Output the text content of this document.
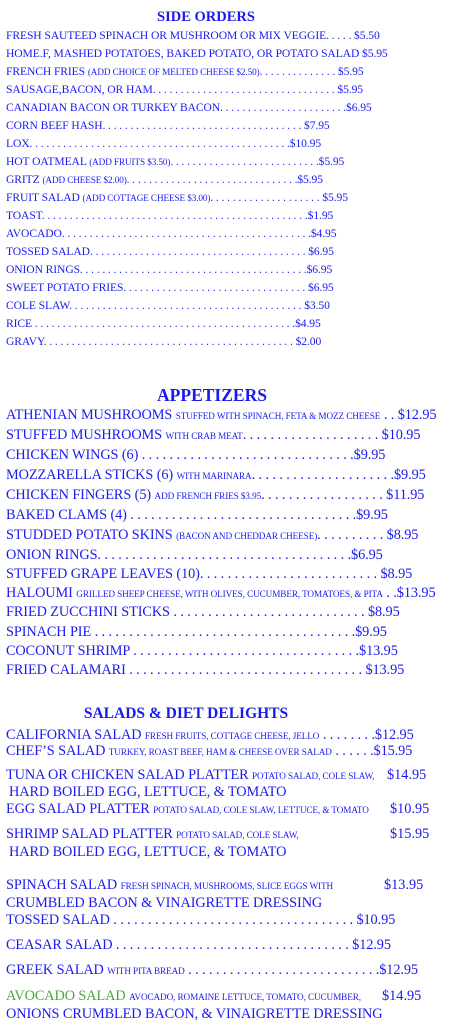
SIDE ORDERS
FRESH SAUTEED SPINACH OR MUSHROOM OR MIX VEGGIE. . . . . $5.50
HOME.F, MASHED POTATOES, BAKED POTATO, OR POTATO SALAD $5.95
FRENCH FRIES (ADD CHOICE OF MELTED CHEESE $2.50). . . . . . . . . . . . . . $5.95
SAUSAGE,BACON, OR HAM. . . . . . . . . . . . . . . . . . . . . . . . . . . . . . . . . $5.95
CANADIAN BACON OR TURKEY BACON. . . . . . . . . . . . . . . . . . . . . . .$6.95
CORN BEEF HASH. . . . . . . . . . . . . . . . . . . . . . . . . . . . . . . . . . . . $7.95
LOX. . . . . . . . . . . . . . . . . . . . . . . . . . . . . . . . . . . . . . . . . . . . . . .$10.95
HOT OATMEAL (ADD FRUITS $3.50). . . . . . . . . . . . . . . . . . . . . . . . . . .$5.95
GRITZ (ADD CHEESE $2.00). . . . . . . . . . . . . . . . . . . . . . . . . . . . . . .$5.95
FRUIT SALAD (ADD COTTAGE CHEESE $3.00). . . . . . . . . . . . . . . . . . . . $5.95
TOAST. . . . . . . . . . . . . . . . . . . . . . . . . . . . . . . . . . . . . . . . . . . . . . . .$1.95
AVOCADO. . . . . . . . . . . . . . . . . . . . . . . . . . . . . . . . . . . . . . . . . . . . .$4.95
TOSSED SALAD. . . . . . . . . . . . . . . . . . . . . . . . . . . . . . . . . . . . . . . $6.95
ONION RINGS. . . . . . . . . . . . . . . . . . . . . . . . . . . . . . . . . . . . . . . . .$6.95
SWEET POTATO FRIES. . . . . . . . . . . . . . . . . . . . . . . . . . . . . . . . . $6.95
COLE SLAW. . . . . . . . . . . . . . . . . . . . . . . . . . . . . . . . . . . . . . . . . . $3.50
RICE . . . . . . . . . . . . . . . . . . . . . . . . . . . . . . . . . . . . . . . . . . . . . . .$4.95
GRAVY. . . . . . . . . . . . . . . . . . . . . . . . . . . . . . . . . . . . . . . . . . . . . $2.00
APPETIZERS
ATHENIAN MUSHROOMS STUFFED WITH SPINACH, FETA & MOZZ CHEESE . . $12.95
STUFFED MUSHROOMS WITH CRAB MEAT. . . . . . . . . . . . . . . . . . . . $10.95
CHICKEN WINGS (6) . . . . . . . . . . . . . . . . . . . . . . . . . . . . . . .$9.95
MOZZARELLA STICKS (6) WITH MARINARA. . . . . . . . . . . . . . . . . . . . .$9.95
CHICKEN FINGERS (5) ADD FRENCH FRIES $3.95. . . . . . . . . . . . . . . . . . $11.95
BAKED CLAMS (4) . . . . . . . . . . . . . . . . . . . . . . . . . . . . . . . . .$9.95
STUDDED POTATO SKINS (BACON AND CHEDDAR CHEESE). . . . . . . . . . $8.95
ONION RINGS. . . . . . . . . . . . . . . . . . . . . . . . . . . . . . . . . . . . .$6.95
STUFFED GRAPE LEAVES (10). . . . . . . . . . . . . . . . . . . . . . . . . . $8.95
HALOUMI GRILLED SHEEP CHEESE, WITH OLIVES, CUCUMBER, TOMATOES, & PITA . .$13.95
FRIED ZUCCHINI STICKS . . . . . . . . . . . . . . . . . . . . . . . . . . . . $8.95
SPINACH PIE . . . . . . . . . . . . . . . . . . . . . . . . . . . . . . . . . . . . . .$9.95
COCONUT SHRIMP . . . . . . . . . . . . . . . . . . . . . . . . . . . . . . . . .$13.95
FRIED CALAMARI . . . . . . . . . . . . . . . . . . . . . . . . . . . . . . . . . . $13.95
SALADS & DIET DELIGHTS
CALIFORNIA SALAD FRESH FRUITS, COTTAGE CHEESE, JELLO . . . . . . . .$12.95
CHEF’S SALAD TURKEY, ROAST BEEF, HAM & CHEESE OVER SALAD . . . . . .$15.95
TUNA OR CHICKEN SALAD PLATTER POTATO SALAD, COLE SLAW, $14.95
HARD BOILED EGG, LETTUCE, & TOMATO
EGG SALAD PLATTER POTATO SALAD, COLE SLAW, LETTUCE, & TOMATO $10.95
SHRIMP SALAD PLATTER POTATO SALAD, COLE SLAW,	$15.95
HARD BOILED EGG, LETTUCE, & TOMATO
SPINACH SALAD FRESH SPINACH, MUSHROOMS, SLICE EGGS WITH	$13.95
CRUMBLED BACON & VINAIGRETTE DRESSING
TOSSED SALAD . . . . . . . . . . . . . . . . . . . . . . . . . . . . . . . . . . . $10.95
CEASAR SALAD . . . . . . . . . . . . . . . . . . . . . . . . . . . . . . . . . . $12.95
GREEK SALAD WITH PITA BREAD . . . . . . . . . . . . . . . . . . . . . . . . . . . .$12.95
AVOCADO SALAD AVOCADO, ROMAINE LETTUCE, TOMATO, CUCUMBER, $14.95
ONIONS CRUMBLED BACON, & VINAIGRETTE DRESSING
